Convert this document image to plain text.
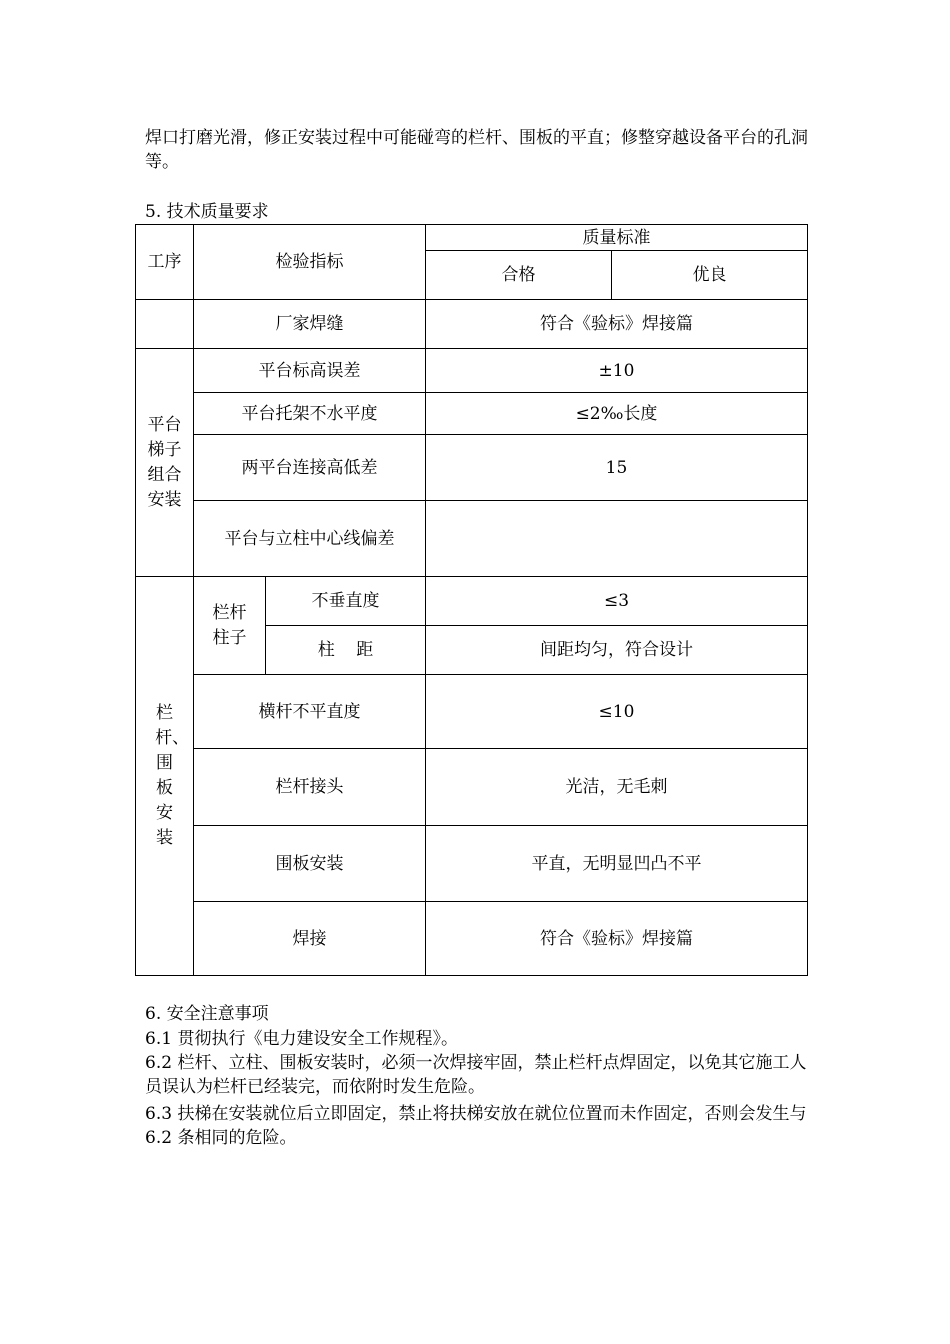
焊口打磨光滑，修正安装过程中可能碰弯的栏杆、围板的平直；修整穿越设备平台的孔洞等。
5. 技术质量要求
工序	检验指标		质量标准	
			合格	优良
	厂家焊缝		符合《验标》焊接篇	
平台梯子组合安装	平台标高误差		±10	
	平台托架不水平度		≤2‰长度	
	两平台连接高低差		15	
	平台与立柱中心线偏差			
栏杆、围板安装	栏杆柱子	不垂直度	≤3	
		柱    距	间距均匀，符合设计	
	横杆不平直度		≤10	
	栏杆接头		光洁，无毛刺	
	围板安装		平直，无明显凹凸不平	
	焊接		符合《验标》焊接篇	
6. 安全注意事项
6.1 贯彻执行《电力建设安全工作规程》。
6.2 栏杆、立柱、围板安装时，必须一次焊接牢固，禁止栏杆点焊固定，以免其它施工人员误认为栏杆已经装完，而依附时发生危险。
6.3 扶梯在安装就位后立即固定，禁止将扶梯安放在就位位置而未作固定，否则会发生与 6.2 条相同的危险。
